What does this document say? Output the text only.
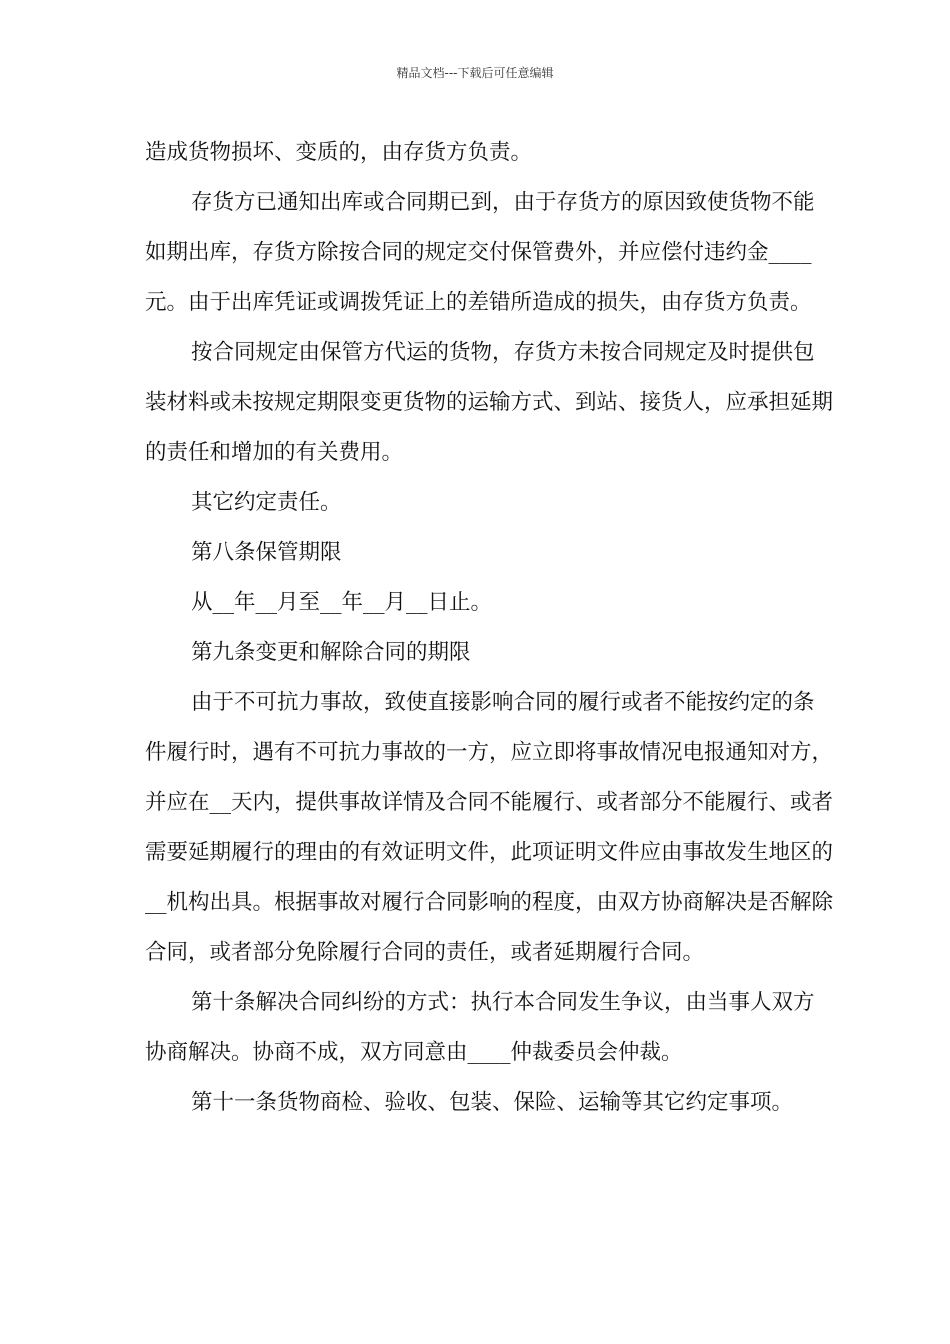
精品文档---下载后可任意编辑

造成货物损坏、变质的，由存货方负责。

存货方已通知出库或合同期已到，由于存货方的原因致使货物不能如期出库，存货方除按合同的规定交付保管费外，并应偿付违约金____元。由于出库凭证或调拨凭证上的差错所造成的损失，由存货方负责。

按合同规定由保管方代运的货物，存货方未按合同规定及时提供包装材料或未按规定期限变更货物的运输方式、到站、接货人，应承担延期的责任和增加的有关费用。

其它约定责任。

第八条保管期限

从__年__月至__年__月__日止。

第九条变更和解除合同的期限

由于不可抗力事故，致使直接影响合同的履行或者不能按约定的条件履行时，遇有不可抗力事故的一方，应立即将事故情况电报通知对方，并应在__天内，提供事故详情及合同不能履行、或者部分不能履行、或者需要延期履行的理由的有效证明文件，此项证明文件应由事故发生地区的__机构出具。根据事故对履行合同影响的程度，由双方协商解决是否解除合同，或者部分免除履行合同的责任，或者延期履行合同。

第十条解决合同纠纷的方式：执行本合同发生争议，由当事人双方协商解决。协商不成，双方同意由____仲裁委员会仲裁。

第十一条货物商检、验收、包装、保险、运输等其它约定事项。
